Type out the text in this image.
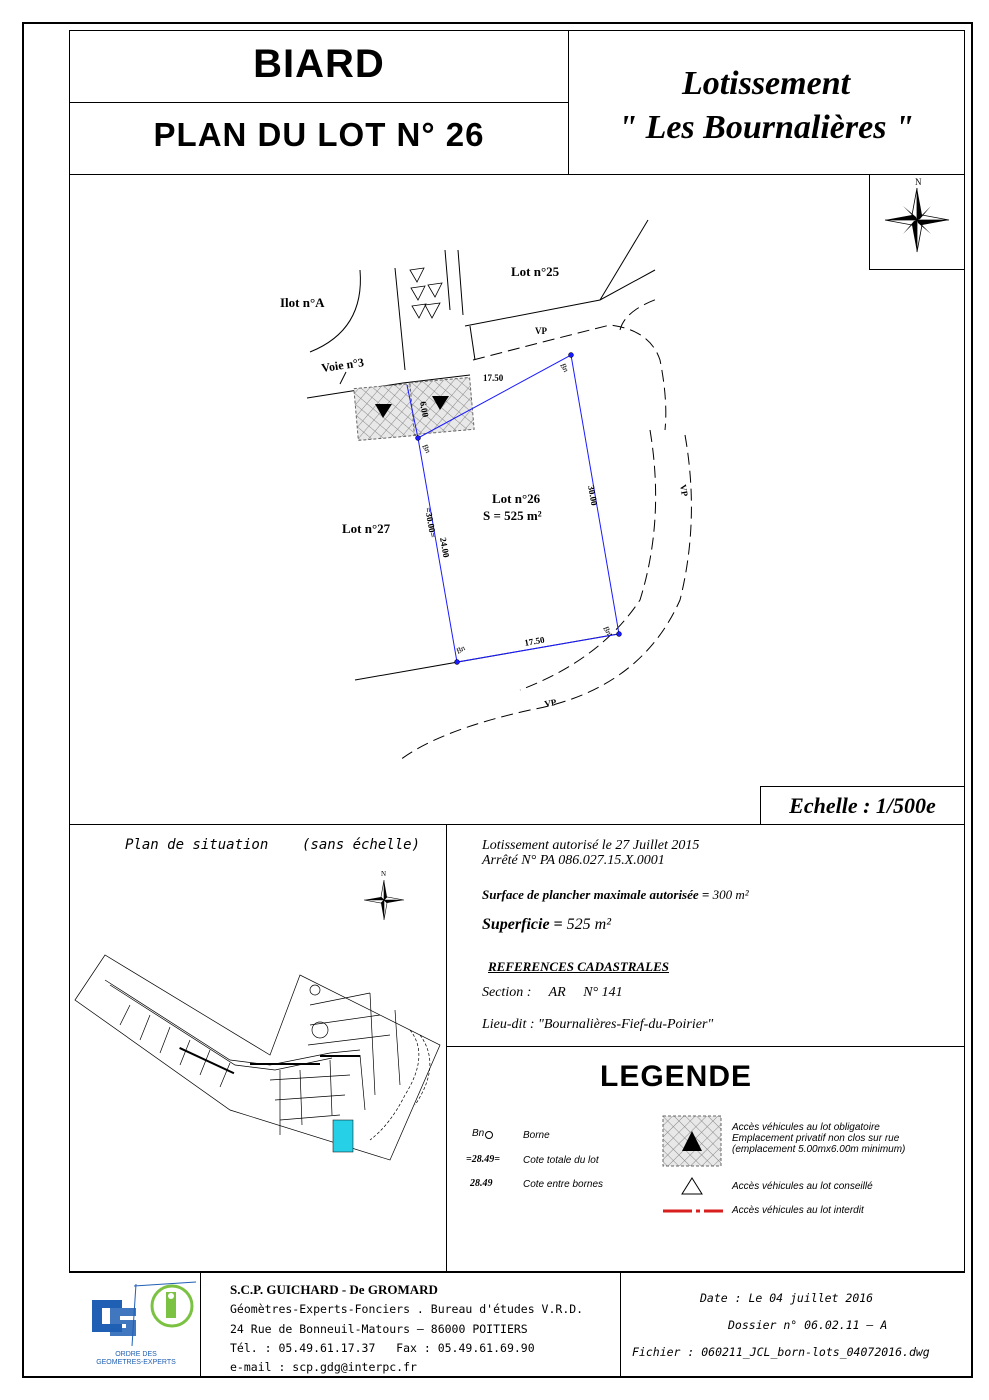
BIARD
PLAN DU LOT N° 26
Lotissement
" Les Bournalières "
N
Lot n°25
Ilot n°A
Voie n°3
Lot n°27
Lot n°26
S = 525 m²
VP
VP
VP
17.50
17.50
30.00
=30.00=
24.00
6.00
Bn
Bn
Bn
Bn
Echelle : 1/500e
Plan de situation    (sans échelle)
N
Lotissement autorisé le 27 Juillet 2015
Arrêté N° PA 086.027.15.X.0001
Surface de plancher maximale autorisée = 300 m²
Superficie = 525 m²
REFERENCES CADASTRALES
Section :     AR     N° 141
Lieu-dit : "Bournalières-Fief-du-Poirier"
LEGENDE
Bn	Borne
=28.49= Cote totale du lot
28.49	Cote entre bornes
Accès véhicules au lot obligatoire
Emplacement privatif non clos sur rue
(emplacement 5.00mx6.00m minimum)
Accès véhicules au lot conseillé
Accès véhicules au lot interdit
ORDRE DES
GEOMETRES-EXPERTS
S.C.P. GUICHARD - De GROMARD
Géomètres-Experts-Fonciers . Bureau d'études V.R.D.
24 Rue de Bonneuil-Matours – 86000 POITIERS
Tél. : 05.49.61.17.37   Fax : 05.49.61.69.90
e-mail : scp.gdg@interpc.fr
Date : Le 04 juillet 2016
Dossier n° 06.02.11 – A
Fichier : 060211_JCL_born-lots_04072016.dwg
